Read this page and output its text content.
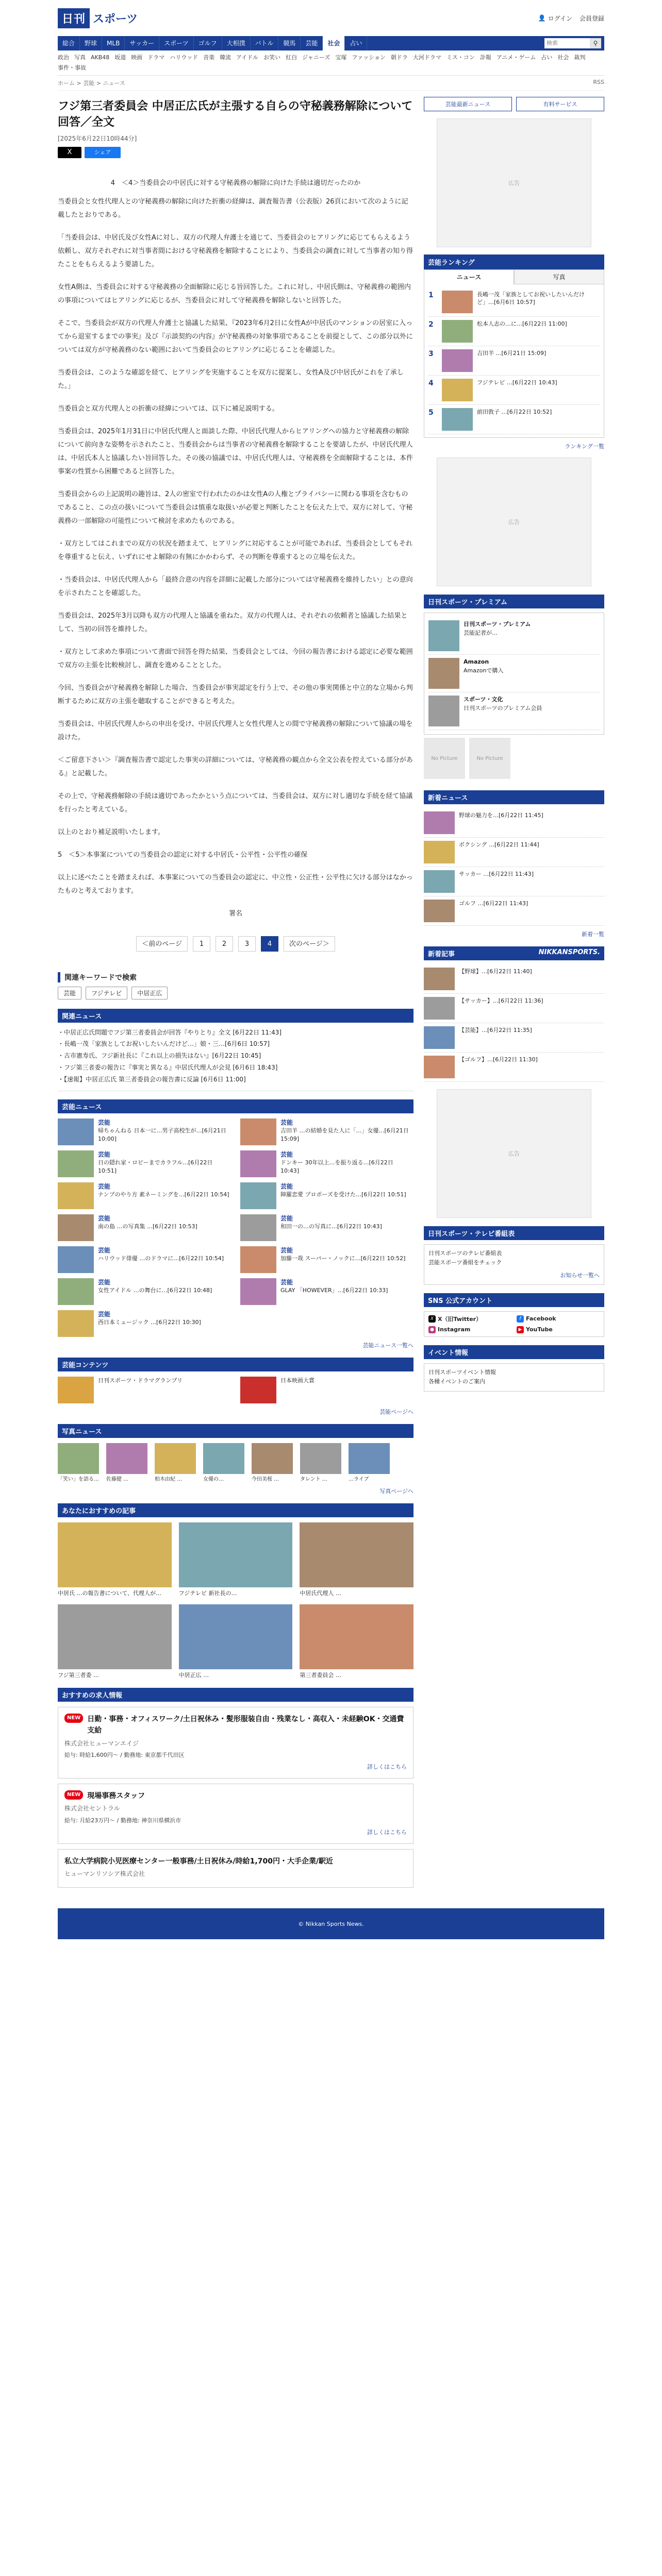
日刊 スポーツ	👤 ログイン 会員登録
総合	野球	MLB	サッカー	スポーツ	ゴルフ	大相撲	バトル	競馬	芸能	社会	占い
検索	⚲
政治 写真 AKB48 坂道 映画 ドラマ ハリウッド 音楽 韓流 アイドル お笑い 紅白 ジャニーズ 宝塚 ファッション 朝ドラ 大河ドラマ ミス・コン 訃報 アニメ・ゲーム 占い 社会 裁判
事件・事故
ホーム > 芸能 > ニュース	RSS
フジ第三者委員会 中居正広氏が主張する自らの守秘義務解除について回答／全文
[2025年6月22日10時44分]
X	シェア
4　＜4＞当委員会の中居氏に対する守秘義務の解除に向けた手続は適切だったのか

当委員会と女性代理人との守秘義務の解除に向けた折衝の経緯は、調査報告書（公表版）26頁において次のように記載したとおりである。

「当委員会は、中居氏及び女性Aに対し、双方の代理人弁護士を通じて、当委員会のヒアリングに応じてもらえるよう依頼し、双方それぞれに対当事者間における守秘義務を解除することにより、当委員会の調査に対して当事者の知り得たことをもらえるよう要請した。

女性A側は、当委員会に対する守秘義務の全面解除に応じる旨回答した。これに対し、中居氏側は、守秘義務の範囲内の事項についてはヒアリングに応じるが、当委員会に対して守秘義務を解除しないと回答した。

そこで、当委員会が双方の代理人弁護士と協議した結果、『2023年6月2日に女性Aが中居氏のマンションの居室に入ってから退室するまでの事実』及び『示談契約の内容』が守秘義務の対象事項であることを前提として、この部分以外については双方が守秘義務のない範囲において当委員会のヒアリングに応じることを確認した。

当委員会は、このような確認を経て、ヒアリングを実施することを双方に提案し、女性A及び中居氏がこれを了承した。」

当委員会と双方代理人との折衝の経緯については、以下に補足説明する。

当委員会は、2025年1月31日に中居氏代理人と面談した際、中居氏代理人からヒアリングへの協力と守秘義務の解除について前向きな姿勢を示されたこと、当委員会からは当事者の守秘義務を解除することを要請したが、中居氏代理人は、中居氏本人と協議したい旨回答した。その後の協議では、中居氏代理人は、守秘義務を全面解除することは、本件事案の性質から困難であると回答した。

当委員会からの上記説明の趣旨は、2人の密室で行われたのかは女性Aの人権とプライバシーに関わる事項を含むものであること、この点の扱いについて当委員会は慎重な取扱いが必要と判断したことを伝えた上で、双方に対して、守秘義務の一部解除の可能性について検討を求めたものである。

・双方としてはこれまでの双方の状況を踏まえて、ヒアリングに対応することが可能であれば、当委員会としてもそれを尊重すると伝え、いずれにせよ解除の有無にかかわらず、その判断を尊重するとの立場を伝えた。

・当委員会は、中居氏代理人から「最終合意の内容を詳細に記載した部分については守秘義務を維持したい」との意向を示されたことを確認した。

当委員会は、2025年3月以降も双方の代理人と協議を重ねた。双方の代理人は、それぞれの依頼者と協議した結果として、当初の回答を維持した。

・双方として求めた事項について書面で回答を得た結果、当委員会としては、今回の報告書における認定に必要な範囲で双方の主張を比較検討し、調査を進めることとした。

今回、当委員会が守秘義務を解除した場合、当委員会が事実認定を行う上で、その他の事実関係と中立的な立場から判断するために双方の主張を聴取することができると考えた。

当委員会は、中居氏代理人からの申出を受け、中居氏代理人と女性代理人との間で守秘義務の解除について協議の場を設けた。

＜ご留意下さい＞『調査報告書で認定した事実の詳細については、守秘義務の観点から全文公表を控えている部分がある』と記載した。

その上で、守秘義務解除の手続は適切であったかという点については、当委員会は、双方に対し適切な手続を経て協議を行ったと考えている。

以上のとおり補足説明いたします。

5　＜5＞本事案についての当委員会の認定に対する中居氏・公平性・公平性の確保

以上に述べたことを踏まえれば、本事案についての当委員会の認定に、中立性・公正性・公平性に欠ける部分はなかったものと考えております。

署名

＜前のページ	1	2	3	4	次のページ＞
関連キーワードで検索
芸能	フジテレビ	中居正広
関連ニュース
・ 中居正広氏問題でフジ第三者委員会が回答『やりとり』全文 [6月22日 11:43]
・ 長嶋一茂「家族としてお祝いしたいんだけど…」娘・三…[6月6日 10:57]
・ 古市憲寿氏、フジ新社長に『これ以上の損失はない』[6月22日 10:45]
・ フジ第三者委の報告に『事実と異なる』中居氏代理人が会見 [6月6日 18:43]
・ 【速報】中居正広氏 第三者委員会の報告書に反論 [6月6日 11:00]
芸能ニュース
芸能
帰ちゃんねる 日本一に…男子高校生が…[6月21日 10:00]
芸能
吉田羊 …の結婚を見た人に「…」女優…[6月21日 15:09]
芸能
日の隠れ家・ロビーまでカラフル…[6月22日 10:51]
芸能
ドンキー 30年以上…を振り返る…[6月22日 10:43]
芸能
ナンプのやり方 素ネーミングを…[6月22日 10:54]
芸能
陣羅恋愛 プロポーズを受けた…[6月22日 10:51]
芸能
南の島 …の写真集 …[6月22日 10:53]
芸能
和田一の…の写真に…[6月22日 10:43]
芸能
ハリウッド俳優 …のドラマに…[6月22日 10:54]
芸能
加藤一哉 スーパー・ノックに…[6月22日 10:52]
芸能
女性アイドル …の舞台に…[6月22日 10:48]
芸能
GLAY 「HOWEVER」…[6月22日 10:33]
芸能
西日本ミュージック …[6月22日 10:30]
芸能ニュース一覧へ
芸能コンテンツ
日刊スポーツ・ドラマグランプリ	日本映画大賞
芸能ページへ
写真ニュース
「笑い」を語る… 佐藤健 …	柏木由紀 …	女優の…	今田美桜 …	タレント …	…ライブ
写真ページへ
あなたにおすすめの記事
中居氏 …の報告書について、代理人が…	フジテレビ 新社長の…	中居氏代理人 …
フジ第三者委 …	中居正広 …	第三者委員会 …
おすすめの求人情報
NEW 日勤・事務・オフィスワーク/土日祝休み・髪形服装自由・残業なし・高収入・未経験OK・交通費支給
株式会社ヒューマンエイジ
給与: 時給1,600円〜 / 勤務地: 東京都千代田区
詳しくはこちら
NEW 現場事務スタッフ
株式会社セントラル
給与: 月給23万円〜 / 勤務地: 神奈川県横浜市
詳しくはこちら
私立大学病院小児医療センター一般事務/土日祝休み/時給1,700円・大手企業/駅近
ヒューマンリソシア株式会社
芸能最新ニュース	有料サービス
広告
芸能ランキング
ニュース	写真
1	長嶋一茂「家族としてお祝いしたいんだけど」…[6月6日 10:57]
2	松本人志の…に…[6月22日 11:00]
3	吉田羊 …[6月21日 15:09]
4	フジテレビ …[6月22日 10:43]
5	前田敦子 …[6月22日 10:52]
ランキング一覧
広告
日刊スポーツ・プレミアム
日刊スポーツ・プレミアム
芸能記者が…
Amazon
Amazonで購入
スポーツ・文化
日刊スポーツのプレミアム会員
No Picture	No Picture
新着ニュース
野球の魅力を…[6月22日 11:45]
ボクシング …[6月22日 11:44]
サッカー …[6月22日 11:43]
ゴルフ …[6月22日 11:43]
新着一覧
新着記事	NIKKANSPORTS.
【野球】…[6月22日 11:40]
【サッカー】…[6月22日 11:36]
【芸能】…[6月22日 11:35]
【ゴルフ】…[6月22日 11:30]
広告
日刊スポーツ・テレビ番組表
日刊スポーツのテレビ番組表
芸能スポーツ番組をチェック
お知らせ一覧へ
SNS 公式アカウント
X X（旧Twitter）	f Facebook
● Instagram	▶ YouTube
イベント情報
日刊スポーツイベント情報
各種イベントのご案内
© Nikkan Sports News.
